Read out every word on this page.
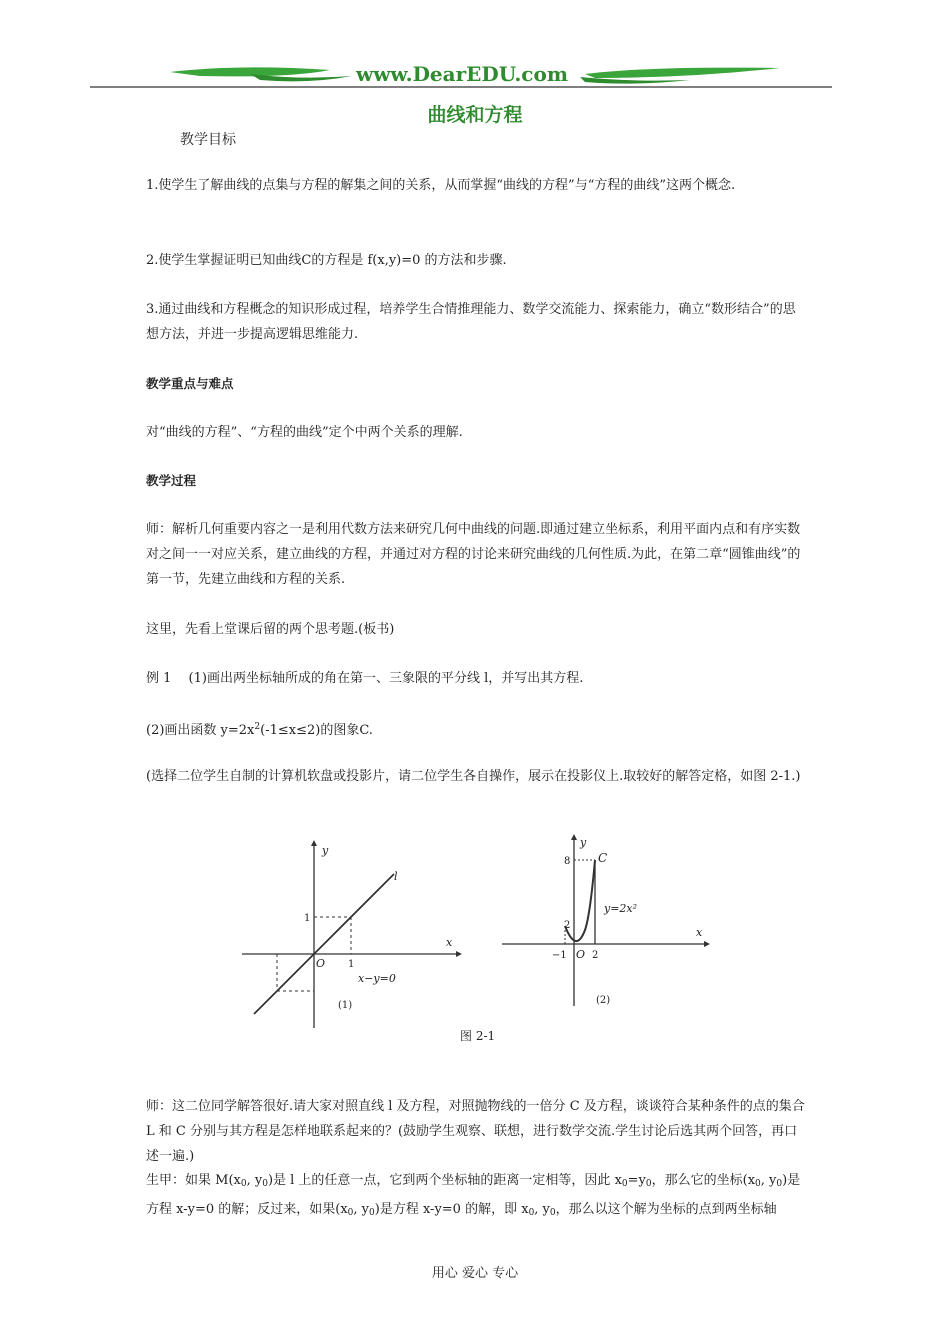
www.DearEDU.com
曲线和方程

教学目标

1.使学生了解曲线的点集与方程的解集之间的关系，从而掌握“曲线的方程”与“方程的曲线”这两个概念.

2.使学生掌握证明已知曲线C的方程是 f(x,y)=0 的方法和步骤.

3.通过曲线和方程概念的知识形成过程，培养学生合情推理能力、数学交流能力、探索能力，确立“数形结合”的思想方法，并进一步提高逻辑思维能力.

教学重点与难点

对“曲线的方程”、“方程的曲线”定个中两个关系的理解.

教学过程

师：解析几何重要内容之一是利用代数方法来研究几何中曲线的问题.即通过建立坐标系，利用平面内点和有序实数对之间一一对应关系，建立曲线的方程，并通过对方程的讨论来研究曲线的几何性质.为此，在第二章“圆锥曲线”的第一节，先建立曲线和方程的关系.

这里，先看上堂课后留的两个思考题.(板书)

例 1　 (1)画出两坐标轴所成的角在第一、三象限的平分线 l，并写出其方程.

(2)画出函数 $y=2x^2(-1\le x\le 2)$的图象C.

(选择二位学生自制的计算机软盘或投影片，请二位学生各自操作，展示在投影仪上.取较好的解答定格，如图 2-1.)

y
x
l
O 1
1
x−y=0
(1)
y
x
C
8
2
−1 O 2
y=2x²
(2)
图 2-1

师：这二位同学解答很好.请大家对照直线 l 及方程，对照抛物线的一倍分 C 及方程，谈谈符合某种条件的点的集合 L 和 C 分别与其方程是怎样地联系起来的？(鼓励学生观察、联想，进行数学交流.学生讨论后选其两个回答，再口述一遍.)

生甲：如果 $M(x_0$, $y_0$)是 l 上的任意一点，它到两个坐标轴的距离一定相等，因此 $x_0=y_0$，那么它的坐标($x_0$, $y_0$)是方程 x-y=0 的解；反过来，如果($x_0$, $y_0$)是方程 x-y=0 的解，即 $x_0$, $y_0$，那么以这个解为坐标的点到两坐标轴

用心 爱心 专心
